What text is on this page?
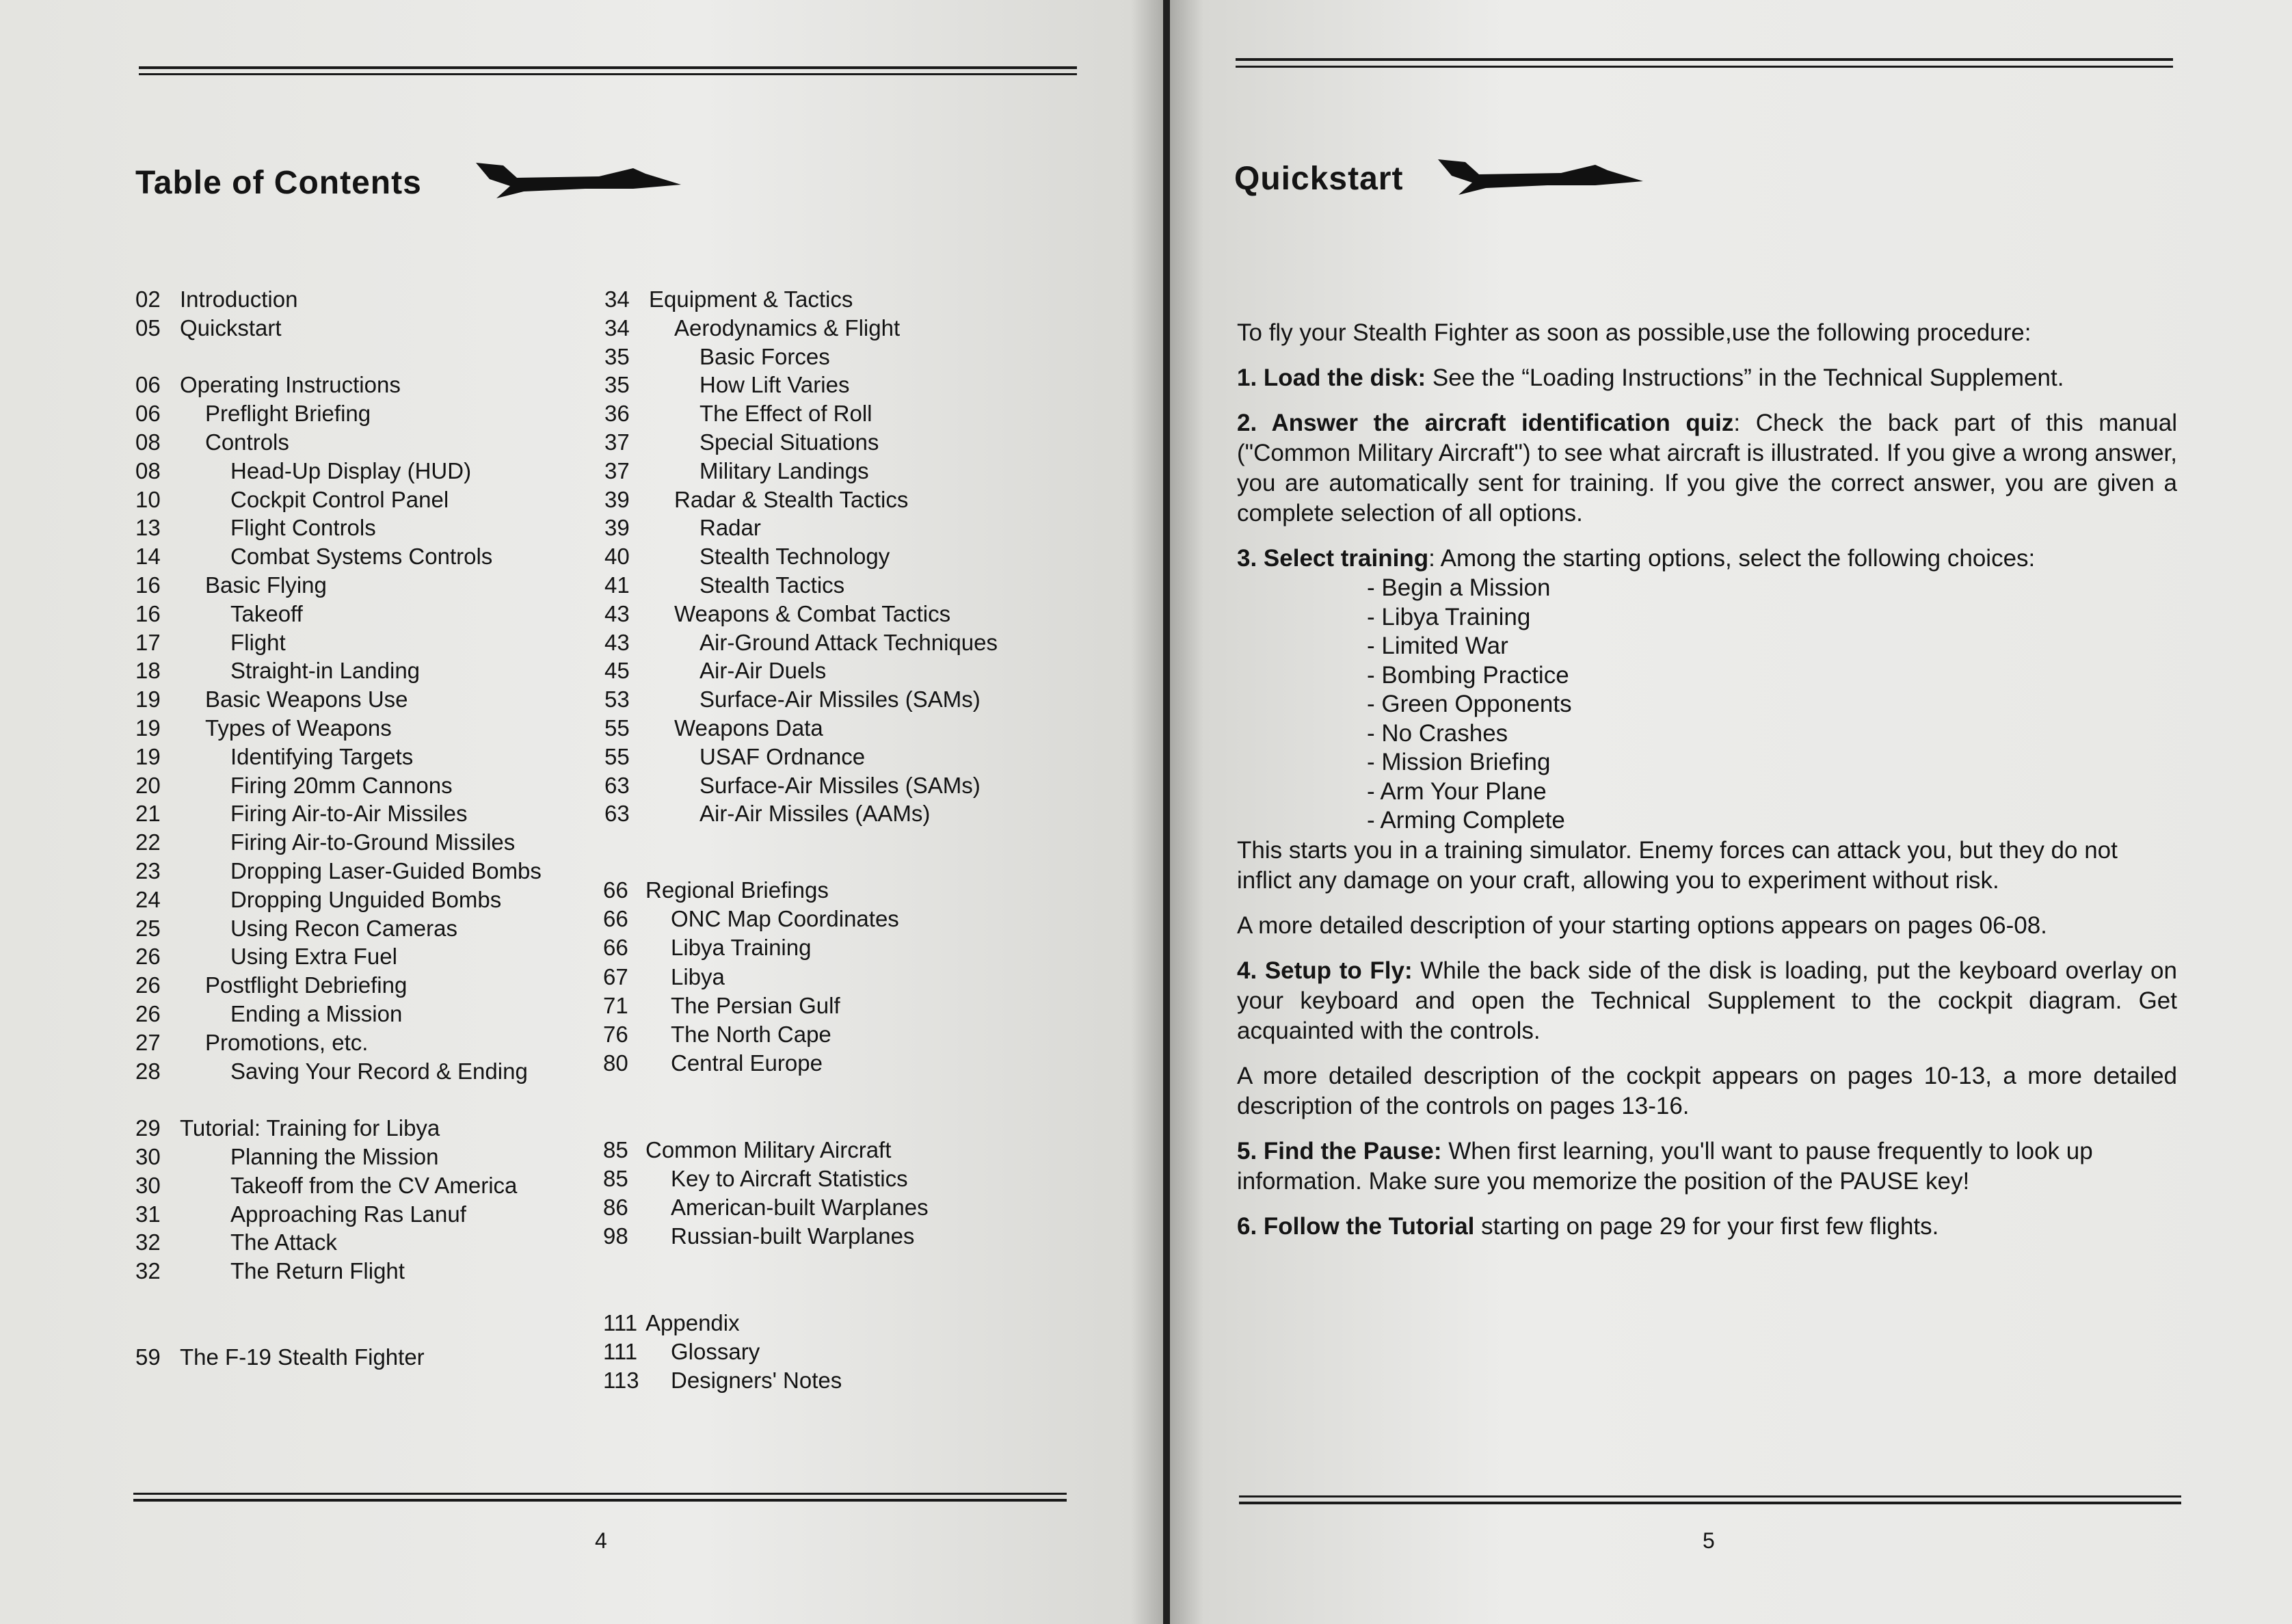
Table of Contents
02 Introduction
05 Quickstart
06 Operating Instructions
06 Preflight Briefing
08 Controls
08	Head-Up Display (HUD)
10	Cockpit Control Panel
13	Flight Controls
14	Combat Systems Controls
16 Basic Flying
16	Takeoff
17	Flight
18	Straight-in Landing
19 Basic Weapons Use
19 Types of Weapons
19	Identifying Targets
20	Firing 20mm Cannons
21	Firing Air-to-Air Missiles
22	Firing Air-to-Ground Missiles
23	Dropping Laser-Guided Bombs
24	Dropping Unguided Bombs
25	Using Recon Cameras
26	Using Extra Fuel
26 Postflight Debriefing
26	Ending a Mission
27 Promotions, etc.
28	Saving Your Record & Ending
29 Tutorial: Training for Libya
30	Planning the Mission
30	Takeoff from the CV America
31	Approaching Ras Lanuf
32	The Attack
32	The Return Flight
59 The F-19 Stealth Fighter
34 Equipment & Tactics
34 Aerodynamics & Flight
35	Basic Forces
35	How Lift Varies
36	The Effect of Roll
37	Special Situations
37	Military Landings
39 Radar & Stealth Tactics
39	Radar
40	Stealth Technology
41	Stealth Tactics
43 Weapons & Combat Tactics
43	Air-Ground Attack Techniques
45	Air-Air Duels
53	Surface-Air Missiles (SAMs)
55 Weapons Data
55	USAF Ordnance
63	Surface-Air Missiles (SAMs)
63	Air-Air Missiles (AAMs)
66 Regional Briefings
66 ONC Map Coordinates
66 Libya Training
67 Libya
71 The Persian Gulf
76 The North Cape
80 Central Europe
85 Common Military Aircraft
85 Key to Aircraft Statistics
86 American-built Warplanes
98 Russian-built Warplanes
111 Appendix
111 Glossary
113 Designers' Notes
4
Quickstart

To fly your Stealth Fighter as soon as possible,use the following procedure:

1. Load the disk: See the “Loading Instructions” in the Technical Supplement.

2. Answer the aircraft identification quiz: Check the back part of this manual ("Common Military Aircraft") to see what aircraft is illustrated. If you give a wrong answer, you are automatically sent for training. If you give the correct answer, you are given a complete selection of all options.

3. Select training: Among the starting options, select the following choices:

- Begin a Mission

- Libya Training

- Limited War

- Bombing Practice

- Green Opponents

- No Crashes

- Mission Briefing

- Arm Your Plane

- Arming Complete

This starts you in a training simulator. Enemy forces can attack you, but they do not inflict any damage on your craft, allowing you to experiment without risk.

A more detailed description of your starting options appears on pages 06-08.

4. Setup to Fly: While the back side of the disk is loading, put the keyboard overlay on your keyboard and open the Technical Supplement to the cockpit diagram. Get acquainted with the controls.

A more detailed description of the cockpit appears on pages 10-13, a more detailed description of the controls on pages 13-16.

5. Find the Pause: When first learning, you'll want to pause frequently to look up information. Make sure you memorize the position of the PAUSE key!

6. Follow the Tutorial starting on page 29 for your first few flights.

5
